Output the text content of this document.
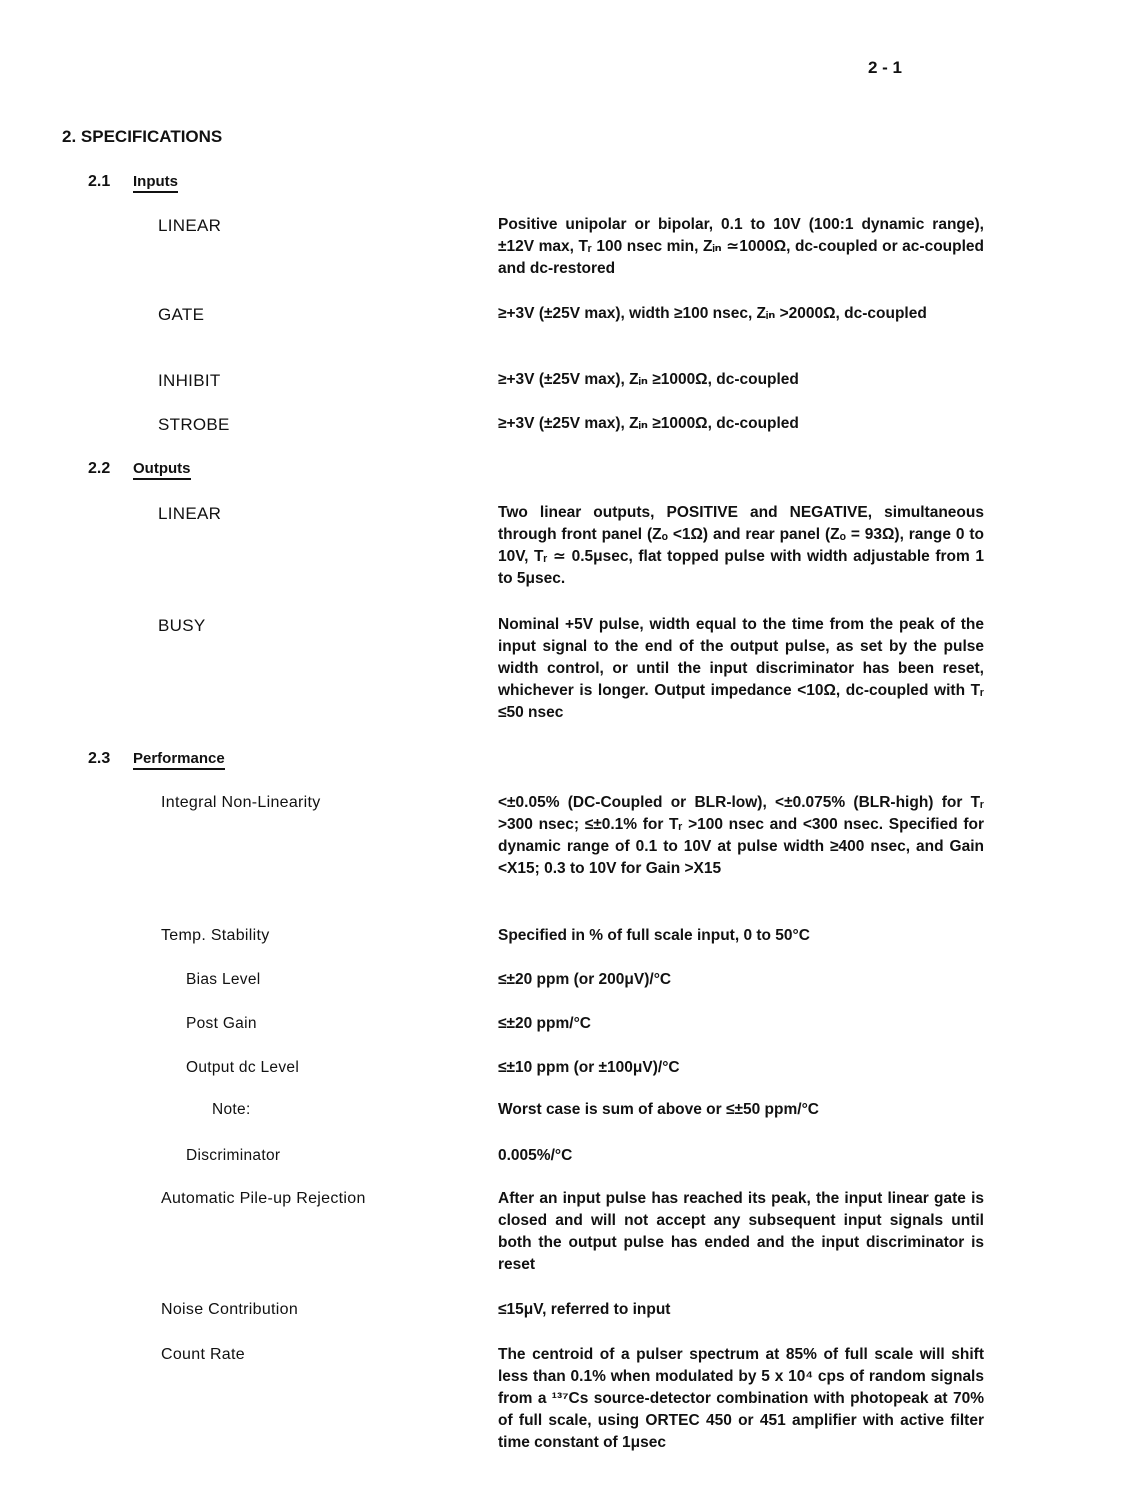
2 - 1
2. SPECIFICATIONS
2.1 Inputs
LINEAR	Positive unipolar or bipolar, 0.1 to 10V (100:1 dynamic range), ±12V max, Tᵣ 100 nsec min, Zᵢₙ ≃1000Ω, dc-coupled or ac-coupled and dc-restored
GATE	≥+3V (±25V max), width ≥100 nsec, Zᵢₙ >2000Ω, dc-coupled
INHIBIT	≥+3V (±25V max), Zᵢₙ ≥1000Ω, dc-coupled
STROBE	≥+3V (±25V max), Zᵢₙ ≥1000Ω, dc-coupled
2.2 Outputs
LINEAR	Two linear outputs, POSITIVE and NEGATIVE, simultaneous through front panel (Zₒ <1Ω) and rear panel (Zₒ = 93Ω), range 0 to 10V, Tᵣ ≃ 0.5μsec, flat topped pulse with width adjustable from 1 to 5μsec.
BUSY	Nominal +5V pulse, width equal to the time from the peak of the input signal to the end of the output pulse, as set by the pulse width control, or until the input discriminator has been reset, whichever is longer. Output impedance <10Ω, dc-coupled with Tᵣ ≤50 nsec
2.3 Performance
Integral Non-Linearity	<±0.05% (DC-Coupled or BLR-low), <±0.075% (BLR-high) for Tᵣ >300 nsec; ≤±0.1% for Tᵣ >100 nsec and <300 nsec. Specified for dynamic range of 0.1 to 10V at pulse width ≥400 nsec, and Gain <X15; 0.3 to 10V for Gain >X15
Temp. Stability	Specified in % of full scale input, 0 to 50°C
Bias Level	≤±20 ppm (or 200μV)/°C
Post Gain	≤±20 ppm/°C
Output dc Level	≤±10 ppm (or ±100μV)/°C
Note:	Worst case is sum of above or ≤±50 ppm/°C
Discriminator	0.005%/°C
Automatic Pile-up Rejection	After an input pulse has reached its peak, the input linear gate is closed and will not accept any subsequent input signals until both the output pulse has ended and the input discriminator is reset
Noise Contribution	≤15μV, referred to input
Count Rate	The centroid of a pulser spectrum at 85% of full scale will shift less than 0.1% when modulated by 5 x 10⁴ cps of random signals from a ¹³⁷Cs source-detector combination with photopeak at 70% of full scale, using ORTEC 450 or 451 amplifier with active filter time constant of 1μsec
